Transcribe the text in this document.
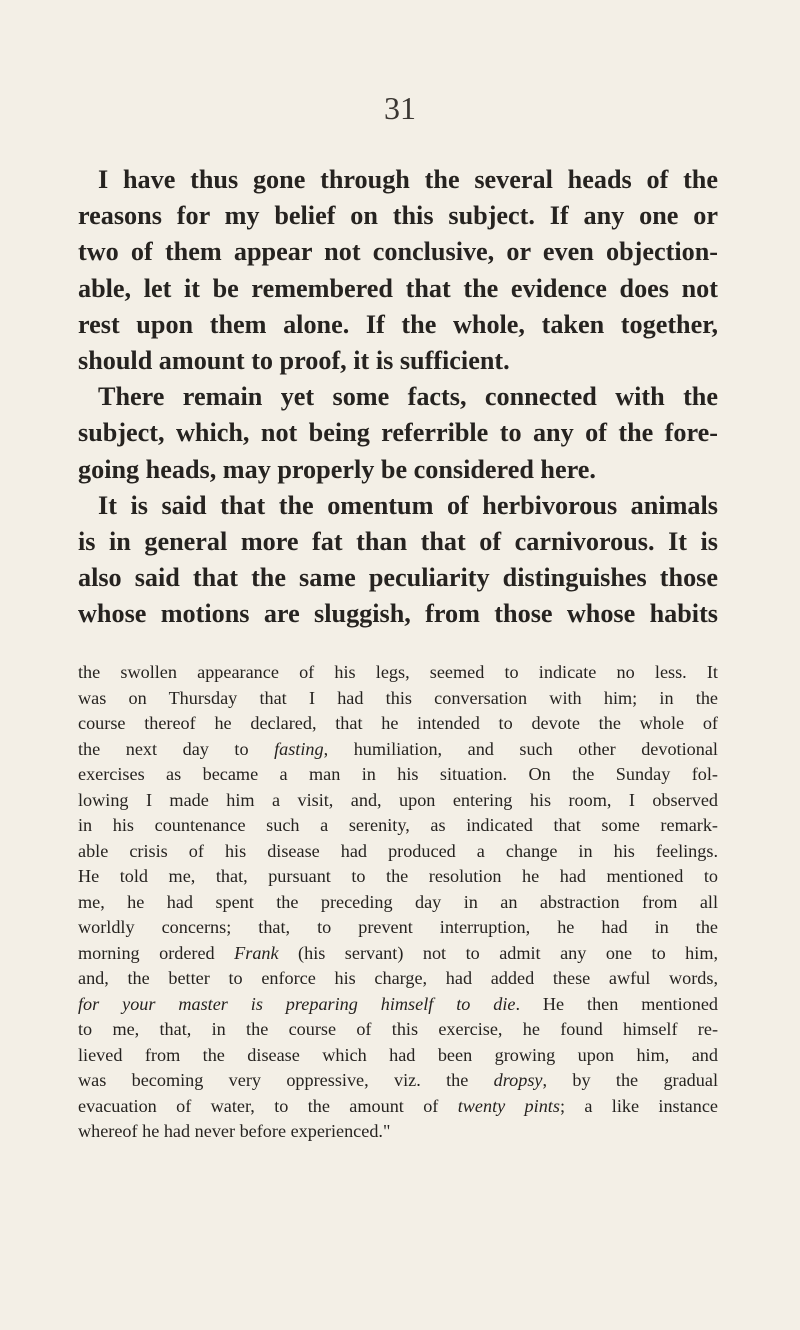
31
I have thus gone through the several heads of the
reasons for my belief on this subject. If any one or
two of them appear not conclusive, or even objection-
able, let it be remembered that the evidence does not
rest upon them alone. If the whole, taken together,
should amount to proof, it is sufficient.
There remain yet some facts, connected with the
subject, which, not being referrible to any of the fore-
going heads, may properly be considered here.
It is said that the omentum of herbivorous animals
is in general more fat than that of carnivorous. It is
also said that the same peculiarity distinguishes those
whose motions are sluggish, from those whose habits
the swollen appearance of his legs, seemed to indicate no less. It
was on Thursday that I had this conversation with him; in the
course thereof he declared, that he intended to devote the whole of
the next day to fasting, humiliation, and such other devotional
exercises as became a man in his situation. On the Sunday fol-
lowing I made him a visit, and, upon entering his room, I observed
in his countenance such a serenity, as indicated that some remark-
able crisis of his disease had produced a change in his feelings.
He told me, that, pursuant to the resolution he had mentioned to
me, he had spent the preceding day in an abstraction from all
worldly concerns; that, to prevent interruption, he had in the
morning ordered Frank (his servant) not to admit any one to him,
and, the better to enforce his charge, had added these awful words,
for your master is preparing himself to die. He then mentioned
to me, that, in the course of this exercise, he found himself re-
lieved from the disease which had been growing upon him, and
was becoming very oppressive, viz. the dropsy, by the gradual
evacuation of water, to the amount of twenty pints; a like instance
whereof he had never before experienced."
